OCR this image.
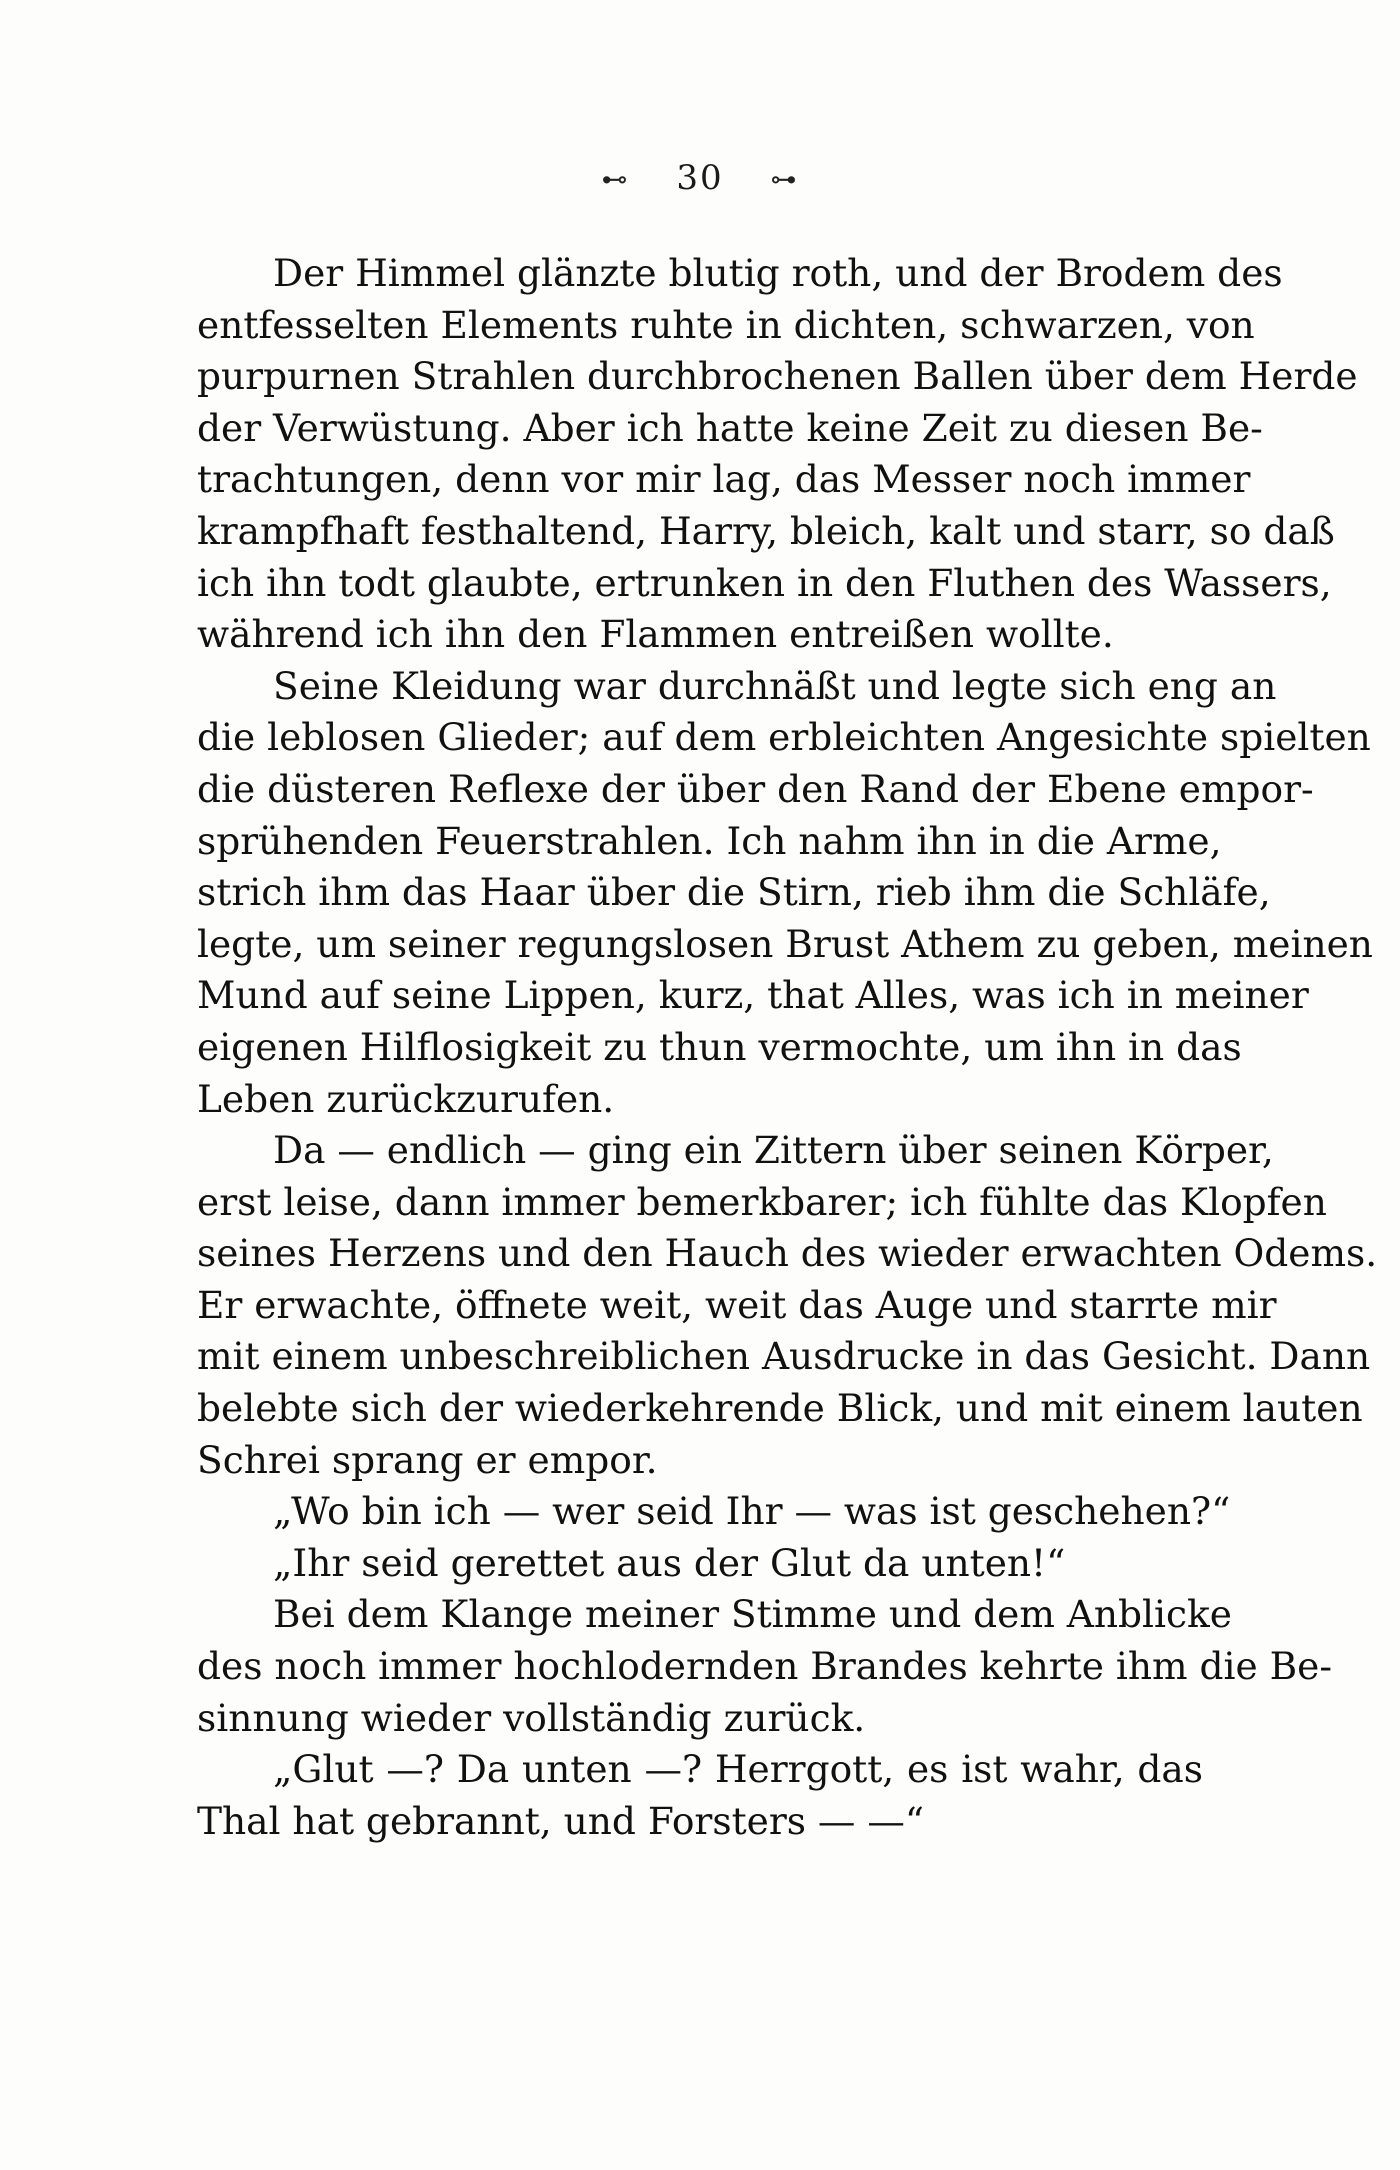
⊷ 30 ⊶
Der Himmel glänzte blutig roth, und der Brodem des
entfesselten Elements ruhte in dichten, schwarzen, von
purpurnen Strahlen durchbrochenen Ballen über dem Herde
der Verwüstung. Aber ich hatte keine Zeit zu diesen Be-
trachtungen, denn vor mir lag, das Messer noch immer
krampfhaft festhaltend, Harry, bleich, kalt und starr, so daß
ich ihn todt glaubte, ertrunken in den Fluthen des Wassers,
während ich ihn den Flammen entreißen wollte.
Seine Kleidung war durchnäßt und legte sich eng an
die leblosen Glieder; auf dem erbleichten Angesichte spielten
die düsteren Reflexe der über den Rand der Ebene empor-
sprühenden Feuerstrahlen. Ich nahm ihn in die Arme,
strich ihm das Haar über die Stirn, rieb ihm die Schläfe,
legte, um seiner regungslosen Brust Athem zu geben, meinen
Mund auf seine Lippen, kurz, that Alles, was ich in meiner
eigenen Hilflosigkeit zu thun vermochte, um ihn in das
Leben zurückzurufen.
Da — endlich — ging ein Zittern über seinen Körper,
erst leise, dann immer bemerkbarer; ich fühlte das Klopfen
seines Herzens und den Hauch des wieder erwachten Odems.
Er erwachte, öffnete weit, weit das Auge und starrte mir
mit einem unbeschreiblichen Ausdrucke in das Gesicht. Dann
belebte sich der wiederkehrende Blick, und mit einem lauten
Schrei sprang er empor.
„Wo bin ich — wer seid Ihr — was ist geschehen?“
„Ihr seid gerettet aus der Glut da unten!“
Bei dem Klange meiner Stimme und dem Anblicke
des noch immer hochlodernden Brandes kehrte ihm die Be-
sinnung wieder vollständig zurück.
„Glut —? Da unten —? Herrgott, es ist wahr, das
Thal hat gebrannt, und Forsters — —“
